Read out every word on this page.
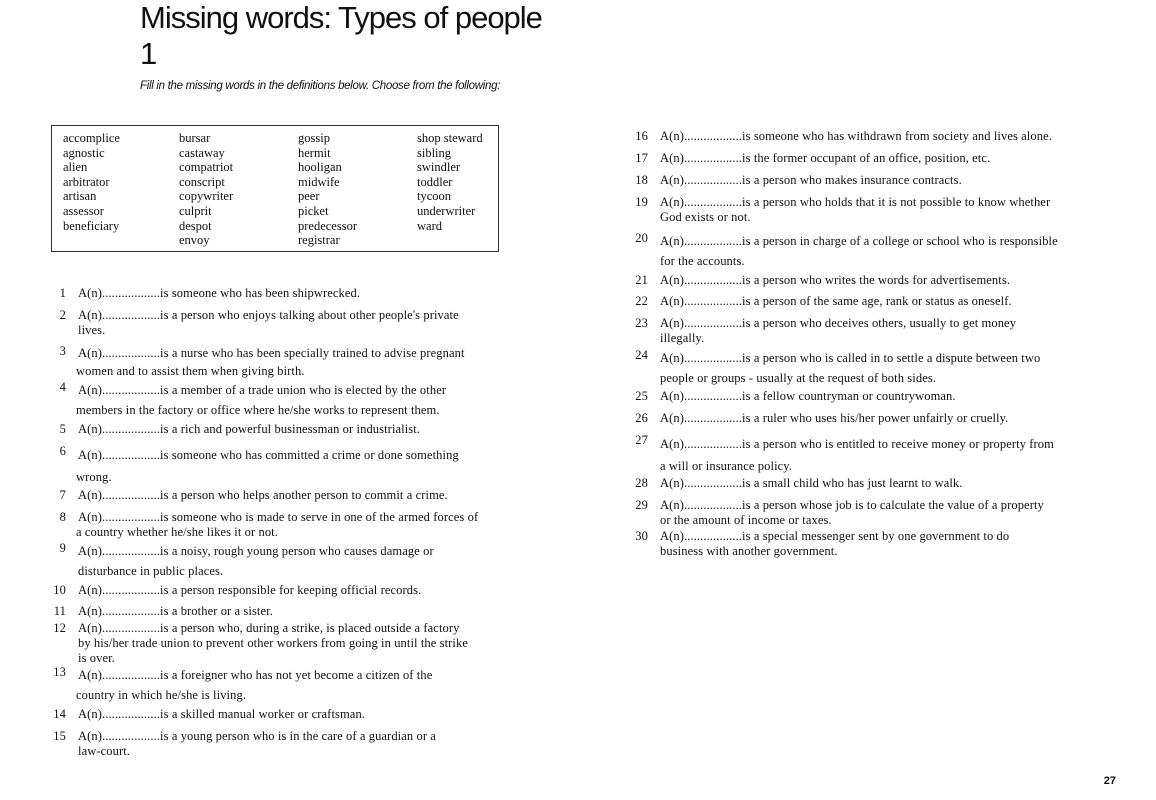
Missing words: Types of people 1
Fill in the missing words in the definitions below. Choose from the following:
accomplice
agnostic
alien
arbitrator
artisan
assessor
beneficiary
bursar
castaway
compatriot
conscript
copywriter
culprit
despot
envoy
gossip
hermit
hooligan
midwife
peer
picket
predecessor
registrar
shop steward
sibling
swindler
toddler
tycoon
underwriter
ward
1 A(n)..................is someone who has been shipwrecked.
2 A(n)..................is a person who enjoys talking about other people's private
lives.
3 A(n)..................is a nurse who has been specially trained to advise pregnant
women and to assist them when giving birth.
4 A(n)..................is a member of a trade union who is elected by the other
members in the factory or office where he/she works to represent them.
5 A(n)..................is a rich and powerful businessman or industrialist.
6 A(n)..................is someone who has committed a crime or done something
wrong.
7 A(n)..................is a person who helps another person to commit a crime.
8 A(n)..................is someone who is made to serve in one of the armed forces of
a country whether he/she likes it or not.
9 A(n)..................is a noisy, rough young person who causes damage or
disturbance in public places.
10 A(n)..................is a person responsible for keeping official records.
11 A(n)..................is a brother or a sister.
12 A(n)..................is a person who, during a strike, is placed outside a factory
by his/her trade union to prevent other workers from going in until the strike
is over.
13 A(n)..................is a foreigner who has not yet become a citizen of the
country in which he/she is living.
14 A(n)..................is a skilled manual worker or craftsman.
15 A(n)..................is a young person who is in the care of a guardian or a
law-court.
16 A(n)..................is someone who has withdrawn from society and lives alone.
17 A(n)..................is the former occupant of an office, position, etc.
18 A(n)..................is a person who makes insurance contracts.
19 A(n)..................is a person who holds that it is not possible to know whether
God exists or not.
20 A(n)..................is a person in charge of a college or school who is responsible
for the accounts.
21 A(n)..................is a person who writes the words for advertisements.
22 A(n)..................is a person of the same age, rank or status as oneself.
23 A(n)..................is a person who deceives others, usually to get money
illegally.
24 A(n)..................is a person who is called in to settle a dispute between two
people or groups - usually at the request of both sides.
25 A(n)..................is a fellow countryman or countrywoman.
26 A(n)..................is a ruler who uses his/her power unfairly or cruelly.
27 A(n)..................is a person who is entitled to receive money or property from
a will or insurance policy.
28 A(n)..................is a small child who has just learnt to walk.
29 A(n)..................is a person whose job is to calculate the value of a property
or the amount of income or taxes.
30 A(n)..................is a special messenger sent by one government to do
business with another government.
27
